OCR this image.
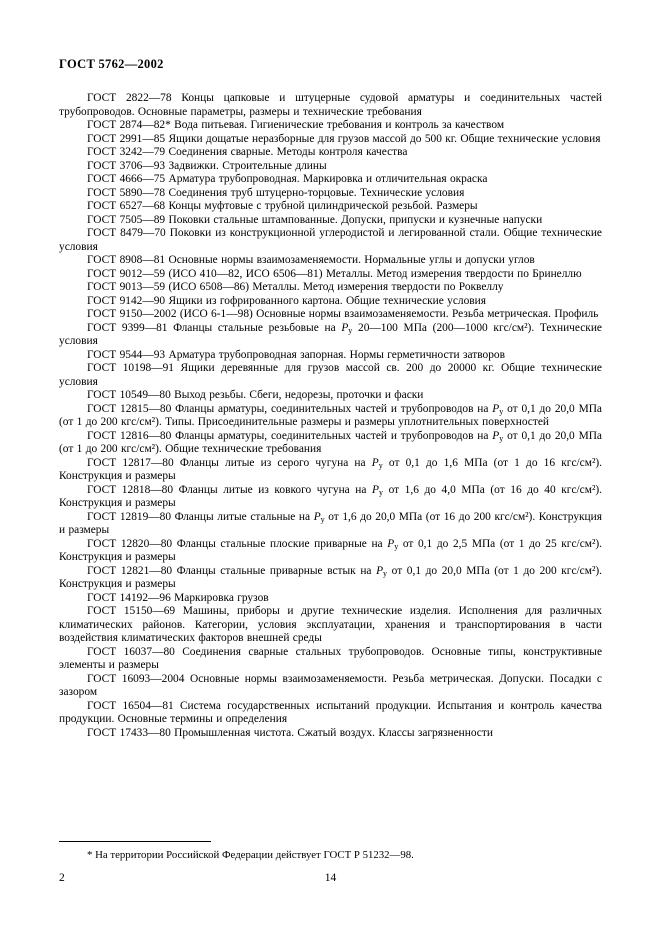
ГОСТ 5762—2002

ГОСТ 2822—78 Концы цапковые и штуцерные судовой арматуры и соединительных частей трубопроводов. Основные параметры, размеры и технические требования

ГОСТ 2874—82* Вода питьевая. Гигиенические требования и контроль за качеством

ГОСТ 2991—85 Ящики дощатые неразборные для грузов массой до 500 кг. Общие технические условия

ГОСТ 3242—79 Соединения сварные. Методы контроля качества

ГОСТ 3706—93 Задвижки. Строительные длины

ГОСТ 4666—75 Арматура трубопроводная. Маркировка и отличительная окраска

ГОСТ 5890—78 Соединения труб штуцерно-торцовые. Технические условия

ГОСТ 6527—68 Концы муфтовые с трубной цилиндрической резьбой. Размеры

ГОСТ 7505—89 Поковки стальные штампованные. Допуски, припуски и кузнечные напуски

ГОСТ 8479—70 Поковки из конструкционной углеродистой и легированной стали. Общие технические условия

ГОСТ 8908—81 Основные нормы взаимозаменяемости. Нормальные углы и допуски углов

ГОСТ 9012—59 (ИСО 410—82, ИСО 6506—81) Металлы. Метод измерения твердости по Бринеллю

ГОСТ 9013—59 (ИСО 6508—86) Металлы. Метод измерения твердости по Роквеллу

ГОСТ 9142—90 Ящики из гофрированного картона. Общие технические условия

ГОСТ 9150—2002 (ИСО 6-1—98) Основные нормы взаимозаменяемости. Резьба метрическая. Профиль

ГОСТ 9399—81 Фланцы стальные резьбовые на $Р_у$ 20—100 МПа (200—1000 кгс/см²). Технические условия

ГОСТ 9544—93 Арматура трубопроводная запорная. Нормы герметичности затворов

ГОСТ 10198—91 Ящики деревянные для грузов массой св. 200 до 20000 кг. Общие технические условия

ГОСТ 10549—80 Выход резьбы. Сбеги, недорезы, проточки и фаски

ГОСТ 12815—80 Фланцы арматуры, соединительных частей и трубопроводов на $Р_у$ от 0,1 до 20,0 МПа (от 1 до 200 кгс/см²). Типы. Присоединительные размеры и размеры уплотнительных поверхностей

ГОСТ 12816—80 Фланцы арматуры, соединительных частей и трубопроводов на $Р_у$ от 0,1 до 20,0 МПа (от 1 до 200 кгс/см²). Общие технические требования

ГОСТ 12817—80 Фланцы литые из серого чугуна на $Р_у$ от 0,1 до 1,6 МПа (от 1 до 16 кгс/см²). Конструкция и размеры

ГОСТ 12818—80 Фланцы литые из ковкого чугуна на $Р_у$ от 1,6 до 4,0 МПа (от 16 до 40 кгс/см²). Конструкция и размеры

ГОСТ 12819—80 Фланцы литые стальные на $Р_у$ от 1,6 до 20,0 МПа (от 16 до 200 кгс/см²). Конструкция и размеры

ГОСТ 12820—80 Фланцы стальные плоские приварные на $Р_у$ от 0,1 до 2,5 МПа (от 1 до 25 кгс/см²). Конструкция и размеры

ГОСТ 12821—80 Фланцы стальные приварные встык на $Р_у$ от 0,1 до 20,0 МПа (от 1 до 200 кгс/см²). Конструкция и размеры

ГОСТ 14192—96 Маркировка грузов

ГОСТ 15150—69 Машины, приборы и другие технические изделия. Исполнения для различных климатических районов. Категории, условия эксплуатации, хранения и транспортирования в части воздействия климатических факторов внешней среды

ГОСТ 16037—80 Соединения сварные стальных трубопроводов. Основные типы, конструктивные элементы и размеры

ГОСТ 16093—2004 Основные нормы взаимозаменяемости. Резьба метрическая. Допуски. Посадки с зазором

ГОСТ 16504—81 Система государственных испытаний продукции. Испытания и контроль качества продукции. Основные термины и определения

ГОСТ 17433—80 Промышленная чистота. Сжатый воздух. Классы загрязненности

* На территории Российской Федерации действует ГОСТ Р 51232—98.

2	14
